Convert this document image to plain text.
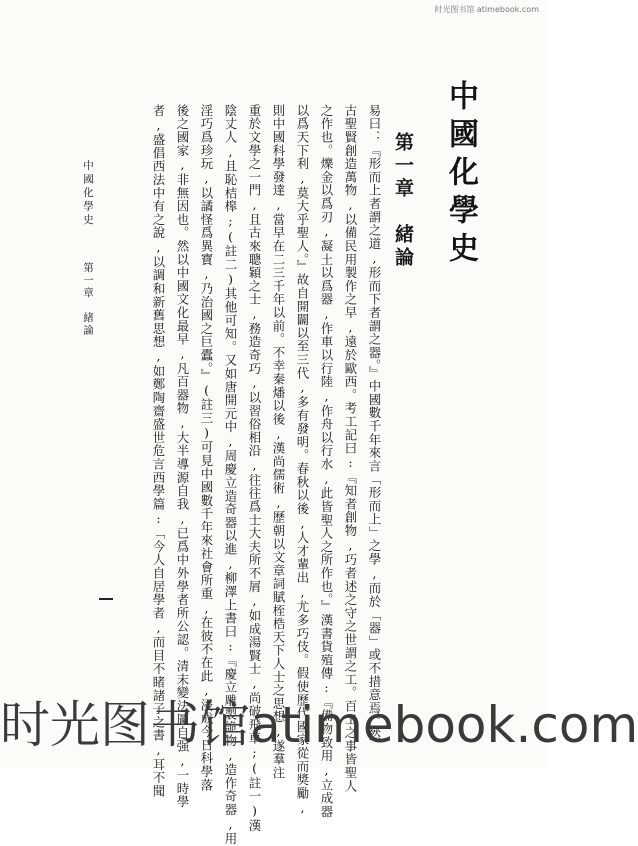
时光图书馆 atimebook.com
中國化學史
第一章　緒論
易曰：『形而上者謂之道,形而下者謂之器。』中國數千年來言「形而上」之學,而於「器」或不措意焉。然
古聖賢創造萬物,以備民用製作之早,遠於歐西。考工記曰:『知者創物,巧者述之守之世謂之工。百工之事皆聖人
之作也。爍金以爲刃,凝土以爲器,作車以行陸,作舟以行水,此皆聖人之所作也。』漢書貨殖傳:『備物致用,立成器
以爲天下利,莫大乎聖人。』故自開闢以至三代,多有發明。春秋以後,人才輩出,尤多巧伎。假使歷代國家從而獎勵,
則中國科學發達,當早在二三千年以前。不幸秦燔以後,漢尚儒術,歷朝以文章詞賦桎梏天下人士之思想,遂羣注
重於文學之一門,且古來聰穎之士,務造奇巧,以習俗相沿,往往爲士大夫所不屑,如成湯賢士,尚破飛車;(註一)漢
陰丈人,且恥桔槔;(註二)其他可知。又如唐開元中,周慶立造奇器以進,柳澤上書曰:『慶立雕製詭物,造作奇器,用
淫巧爲珍玩,以譎怪爲異寶,乃治國之巨蠹。』(註三)可見中國數千年來社會所重,在彼不在此,浸成今日科學落
後之國家,非無因也。然以中國文化最早,凡百器物,大半導源自我,已爲中外學者所公認。清末變法圖自强,一時學
者,盛倡西法中有之說,以調和新舊思想,如鄭陶齋盛世危言西學篇:「今人自居學者,而目不睹諸子之書,耳不聞
中國化學史
第一章　緒論
时光图书馆atimebook.com
